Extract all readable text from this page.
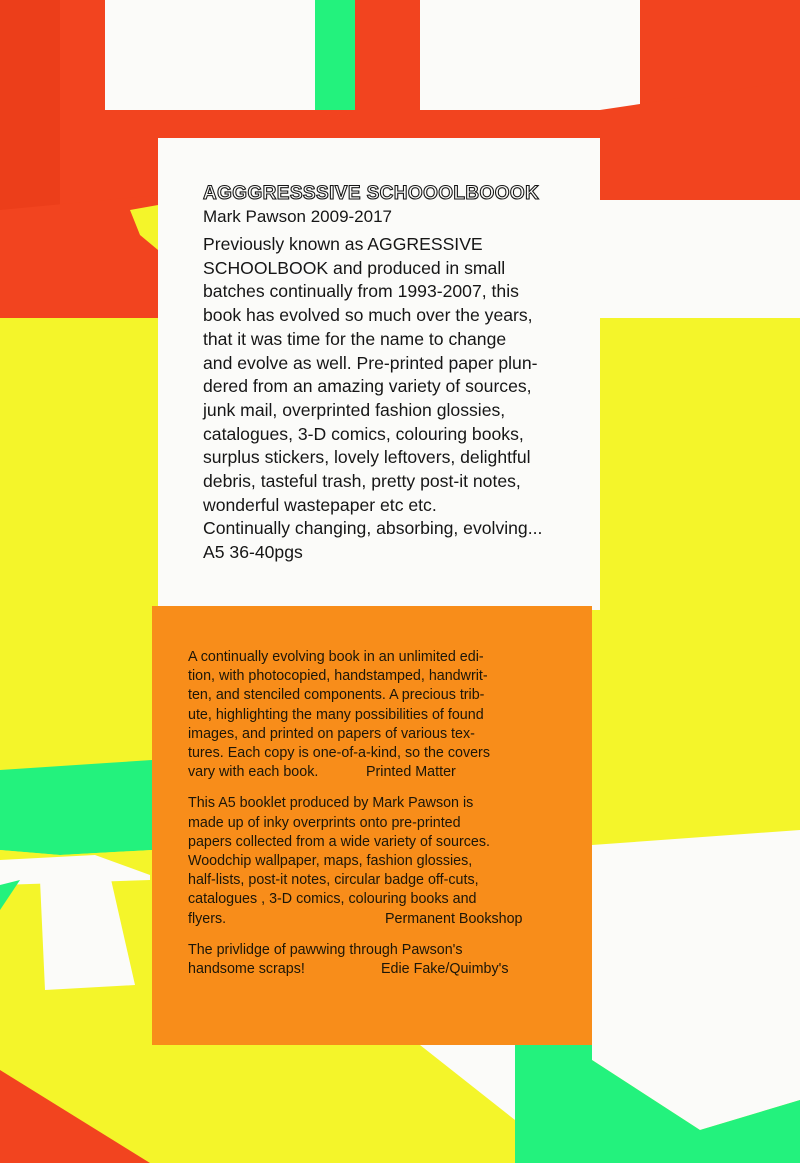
AGGGRESSSIVE SCHOOOLBOOOK
Mark Pawson 2009-2017
Previously known as AGGRESSIVE
SCHOOLBOOK and produced in small
batches continually from 1993-2007, this
book has evolved so much over the years,
that it was time for the name to change
and evolve as well. Pre-printed paper plun-
dered from an amazing variety of sources,
junk mail, overprinted fashion glossies,
catalogues, 3-D comics, colouring books,
surplus stickers, lovely leftovers, delightful
debris, tasteful trash, pretty post-it notes,
wonderful wastepaper etc etc.
Continually changing, absorbing, evolving...
A5 36-40pgs
A continually evolving book in an unlimited edi-
tion, with photocopied, handstamped, handwrit-
ten, and stenciled components. A precious trib-
ute, highlighting the many possibilities of found
images, and printed on papers of various tex-
tures. Each copy is one-of-a-kind, so the covers
vary with each book.	Printed Matter
This A5 booklet produced by Mark Pawson is
made up of inky overprints onto pre-printed
papers collected from a wide variety of sources.
Woodchip wallpaper, maps, fashion glossies,
half-lists, post-it notes, circular badge off-cuts,
catalogues , 3-D comics, colouring books and
flyers.	Permanent Bookshop
The privlidge of pawwing through Pawson's
handsome scraps!	Edie Fake/Quimby's
